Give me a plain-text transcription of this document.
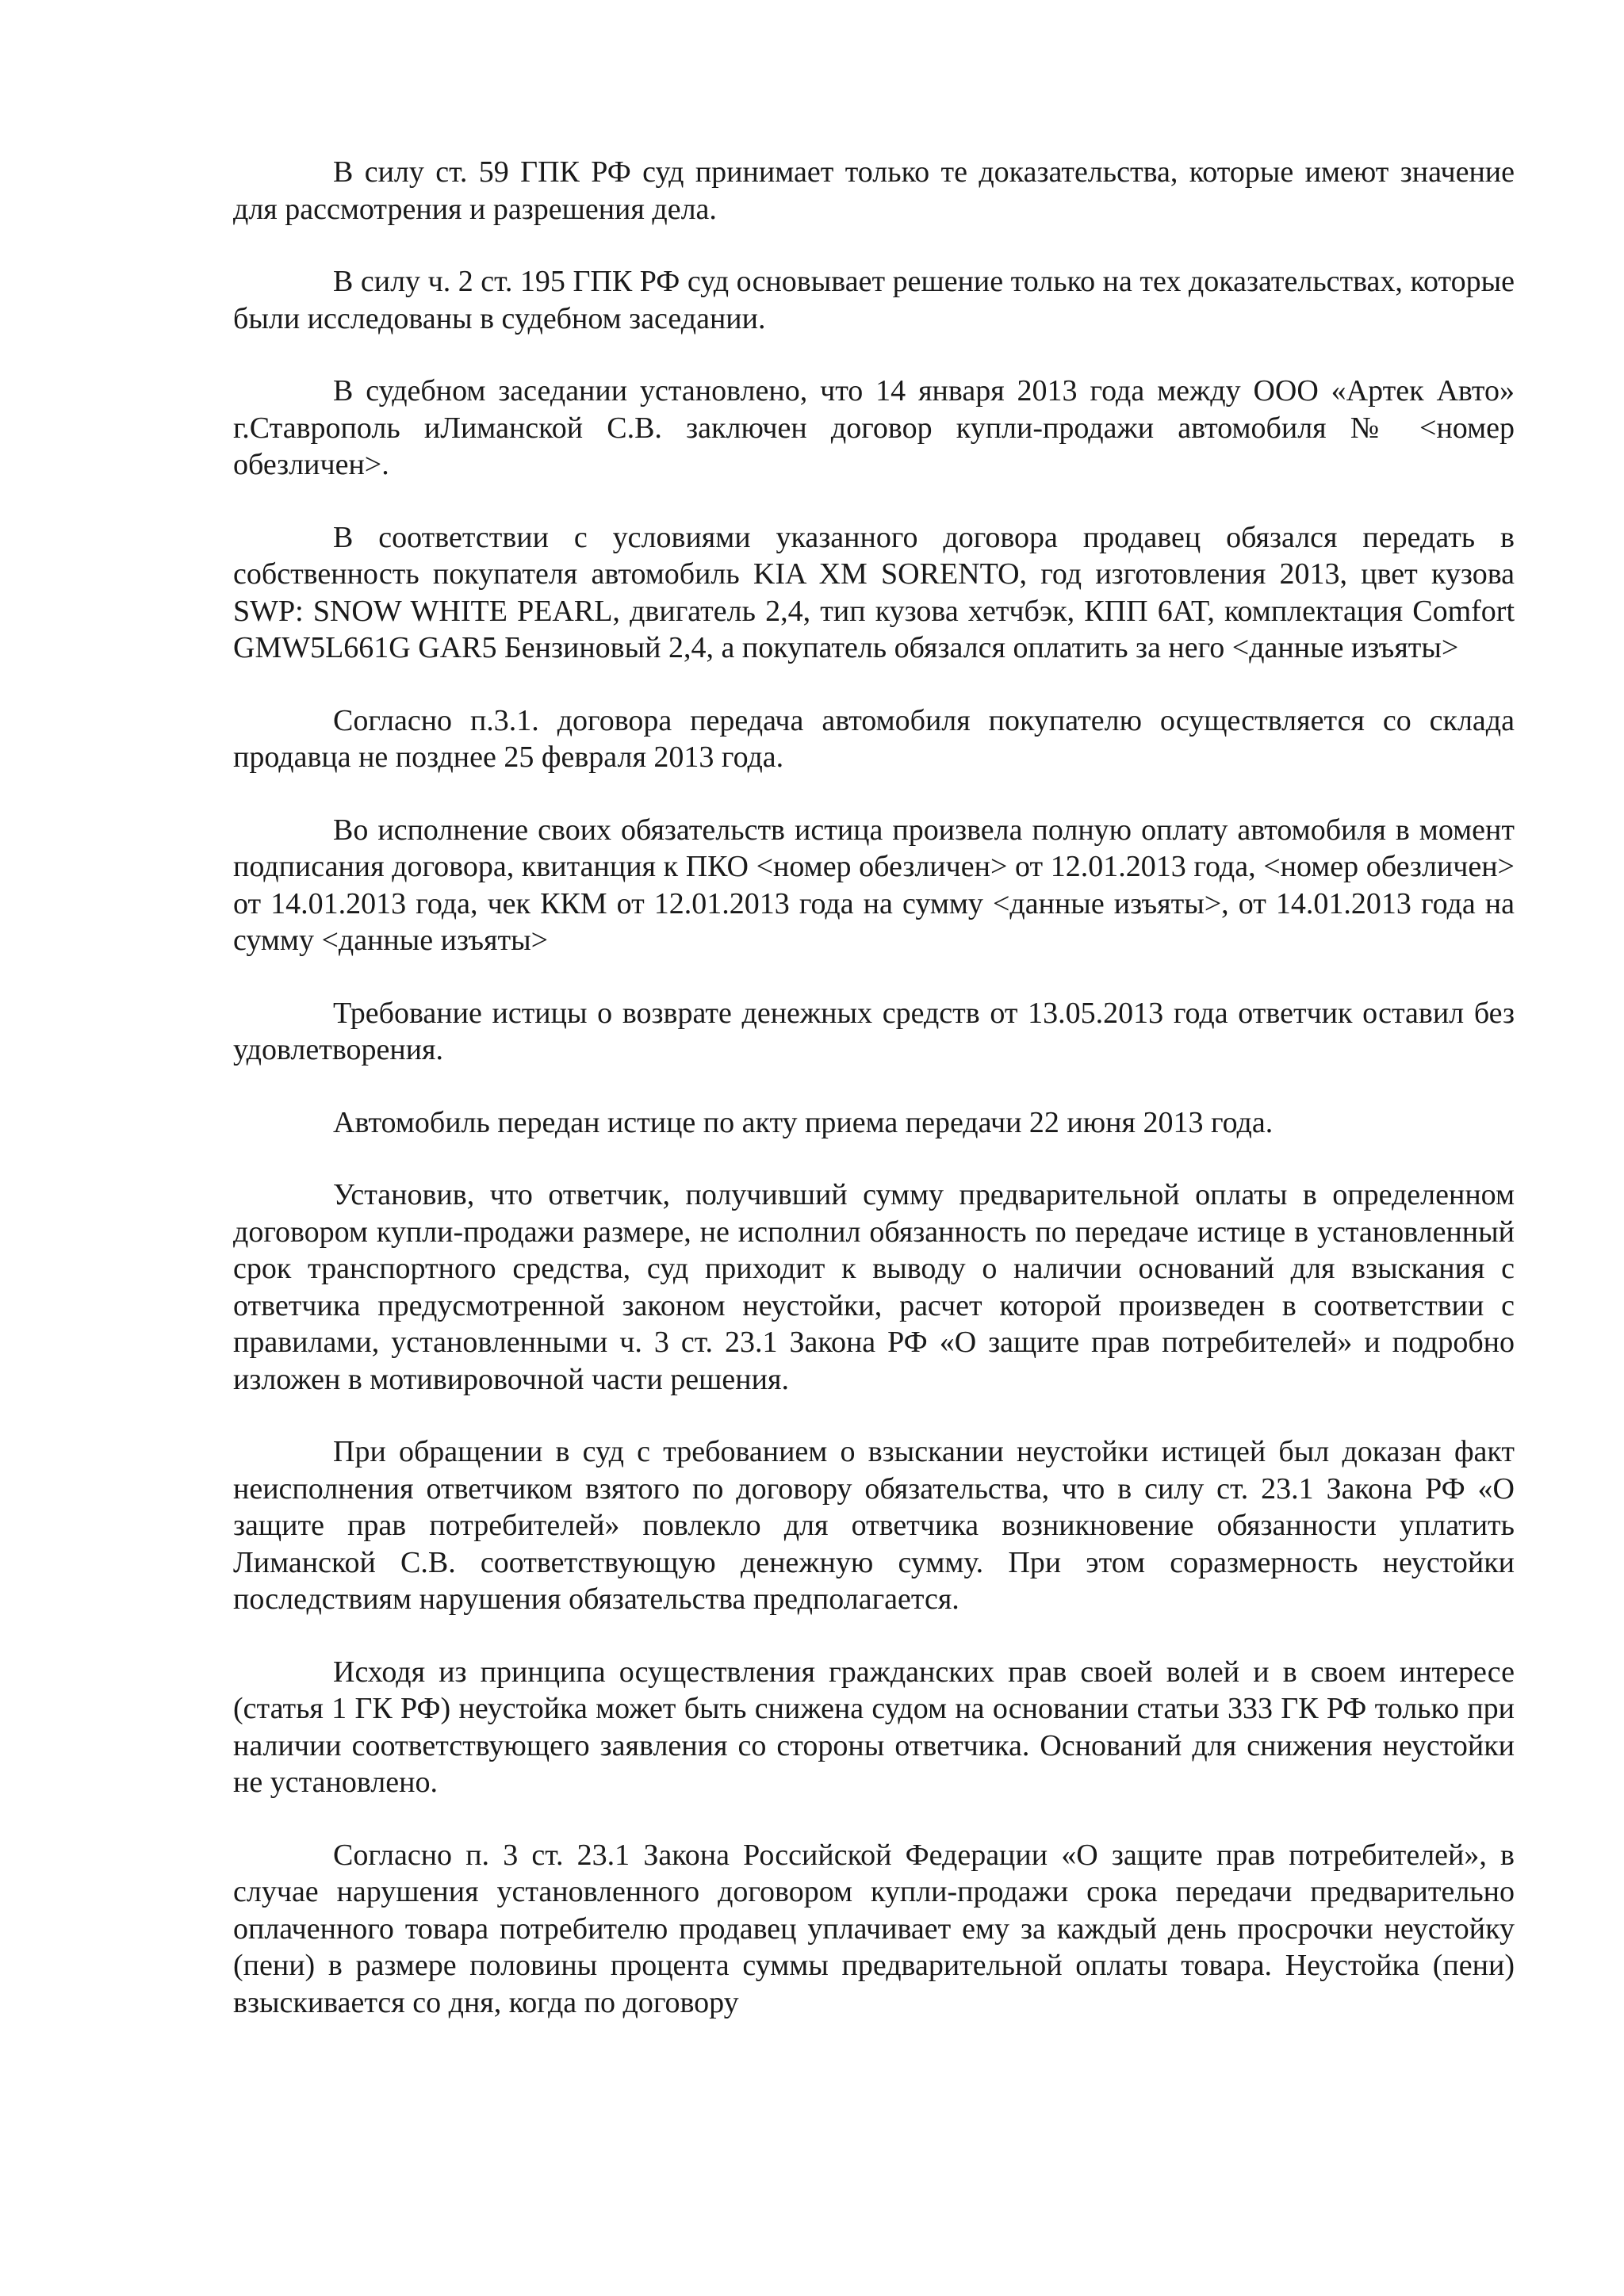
В силу ст. 59 ГПК РФ суд принимает только те доказательства, которые имеют значение для рассмотрения и разрешения дела.

В силу ч. 2 ст. 195 ГПК РФ суд основывает решение только на тех доказательствах, которые были исследованы в судебном заседании.

В судебном заседании установлено, что 14 января 2013 года между ООО «Артек Авто» г.Ставрополь иЛиманской С.В. заключен договор купли-продажи автомобиля № <номер обезличен>.

В соответствии с условиями указанного договора продавец обязался передать в собственность покупателя автомобиль KIA XM SORENTO, год изготовления 2013, цвет кузова SWP: SNOW WHITE PEARL, двигатель 2,4, тип кузова хетчбэк, КПП 6AT, комплектация Comfort GMW5L661G GAR5 Бензиновый 2,4, а покупатель обязался оплатить за него <данные изъяты>

Согласно п.3.1. договора передача автомобиля покупателю осуществляется со склада продавца не позднее 25 февраля 2013 года.

Во исполнение своих обязательств истица произвела полную оплату автомобиля в момент подписания договора, квитанция к ПКО <номер обезличен> от 12.01.2013 года, <номер обезличен> от 14.01.2013 года, чек ККМ от 12.01.2013 года на сумму <данные изъяты>, от 14.01.2013 года на сумму <данные изъяты>

Требование истицы о возврате денежных средств от 13.05.2013 года ответчик оставил без удовлетворения.

Автомобиль передан истице по акту приема передачи 22 июня 2013 года.

Установив, что ответчик, получивший сумму предварительной оплаты в определенном договором купли-продажи размере, не исполнил обязанность по передаче истице в установленный срок транспортного средства, суд приходит к выводу о наличии оснований для взыскания с ответчика предусмотренной законом неустойки, расчет которой произведен в соответствии с правилами, установленными ч. 3 ст. 23.1 Закона РФ «О защите прав потребителей» и подробно изложен в мотивировочной части решения.

При обращении в суд с требованием о взыскании неустойки истицей был доказан факт неисполнения ответчиком взятого по договору обязательства, что в силу ст. 23.1 Закона РФ «О защите прав потребителей» повлекло для ответчика возникновение обязанности уплатить Лиманской С.В. соответствующую денежную сумму. При этом соразмерность неустойки последствиям нарушения обязательства предполагается.

Исходя из принципа осуществления гражданских прав своей волей и в своем интересе (статья 1 ГК РФ) неустойка может быть снижена судом на основании статьи 333 ГК РФ только при наличии соответствующего заявления со стороны ответчика. Оснований для снижения неустойки не установлено.

Согласно п. 3 ст. 23.1 Закона Российской Федерации «О защите прав потребителей», в случае нарушения установленного договором купли-продажи срока передачи предварительно оплаченного товара потребителю продавец уплачивает ему за каждый день просрочки неустойку (пени) в размере половины процента суммы предварительной оплаты товара. Неустойка (пени) взыскивается со дня, когда по договору
